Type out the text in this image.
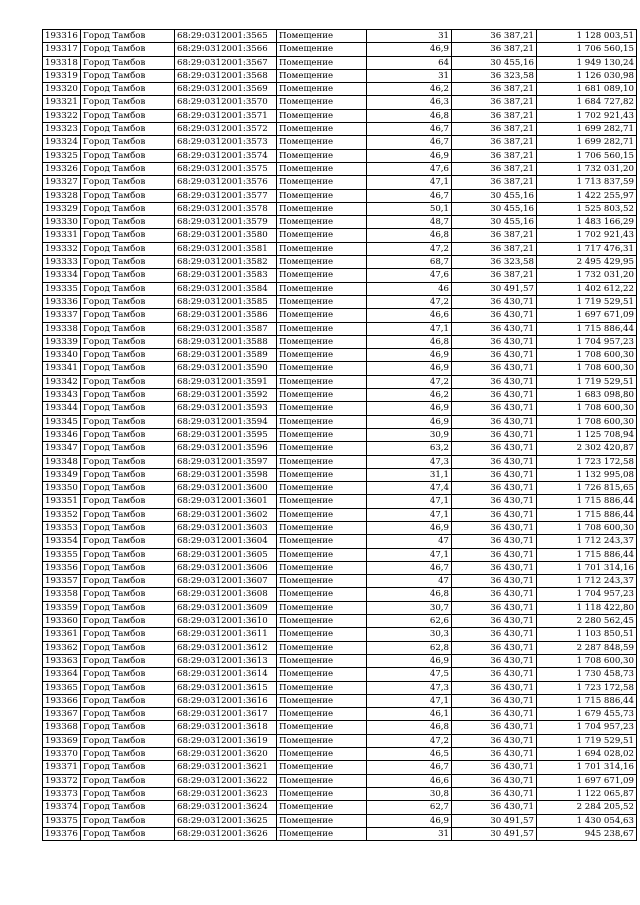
193316	Город Тамбов	68:29:0312001:3565	Помещение	31	36 387,21	1 128 003,51
193317	Город Тамбов	68:29:0312001:3566	Помещение	46,9	36 387,21	1 706 560,15
193318	Город Тамбов	68:29:0312001:3567	Помещение	64	30 455,16	1 949 130,24
193319	Город Тамбов	68:29:0312001:3568	Помещение	31	36 323,58	1 126 030,98
193320	Город Тамбов	68:29:0312001:3569	Помещение	46,2	36 387,21	1 681 089,10
193321	Город Тамбов	68:29:0312001:3570	Помещение	46,3	36 387,21	1 684 727,82
193322	Город Тамбов	68:29:0312001:3571	Помещение	46,8	36 387,21	1 702 921,43
193323	Город Тамбов	68:29:0312001:3572	Помещение	46,7	36 387,21	1 699 282,71
193324	Город Тамбов	68:29:0312001:3573	Помещение	46,7	36 387,21	1 699 282,71
193325	Город Тамбов	68:29:0312001:3574	Помещение	46,9	36 387,21	1 706 560,15
193326	Город Тамбов	68:29:0312001:3575	Помещение	47,6	36 387,21	1 732 031,20
193327	Город Тамбов	68:29:0312001:3576	Помещение	47,1	36 387,21	1 713 837,59
193328	Город Тамбов	68:29:0312001:3577	Помещение	46,7	30 455,16	1 422 255,97
193329	Город Тамбов	68:29:0312001:3578	Помещение	50,1	30 455,16	1 525 803,52
193330	Город Тамбов	68:29:0312001:3579	Помещение	48,7	30 455,16	1 483 166,29
193331	Город Тамбов	68:29:0312001:3580	Помещение	46,8	36 387,21	1 702 921,43
193332	Город Тамбов	68:29:0312001:3581	Помещение	47,2	36 387,21	1 717 476,31
193333	Город Тамбов	68:29:0312001:3582	Помещение	68,7	36 323,58	2 495 429,95
193334	Город Тамбов	68:29:0312001:3583	Помещение	47,6	36 387,21	1 732 031,20
193335	Город Тамбов	68:29:0312001:3584	Помещение	46	30 491,57	1 402 612,22
193336	Город Тамбов	68:29:0312001:3585	Помещение	47,2	36 430,71	1 719 529,51
193337	Город Тамбов	68:29:0312001:3586	Помещение	46,6	36 430,71	1 697 671,09
193338	Город Тамбов	68:29:0312001:3587	Помещение	47,1	36 430,71	1 715 886,44
193339	Город Тамбов	68:29:0312001:3588	Помещение	46,8	36 430,71	1 704 957,23
193340	Город Тамбов	68:29:0312001:3589	Помещение	46,9	36 430,71	1 708 600,30
193341	Город Тамбов	68:29:0312001:3590	Помещение	46,9	36 430,71	1 708 600,30
193342	Город Тамбов	68:29:0312001:3591	Помещение	47,2	36 430,71	1 719 529,51
193343	Город Тамбов	68:29:0312001:3592	Помещение	46,2	36 430,71	1 683 098,80
193344	Город Тамбов	68:29:0312001:3593	Помещение	46,9	36 430,71	1 708 600,30
193345	Город Тамбов	68:29:0312001:3594	Помещение	46,9	36 430,71	1 708 600,30
193346	Город Тамбов	68:29:0312001:3595	Помещение	30,9	36 430,71	1 125 708,94
193347	Город Тамбов	68:29:0312001:3596	Помещение	63,2	36 430,71	2 302 420,87
193348	Город Тамбов	68:29:0312001:3597	Помещение	47,3	36 430,71	1 723 172,58
193349	Город Тамбов	68:29:0312001:3598	Помещение	31,1	36 430,71	1 132 995,08
193350	Город Тамбов	68:29:0312001:3600	Помещение	47,4	36 430,71	1 726 815,65
193351	Город Тамбов	68:29:0312001:3601	Помещение	47,1	36 430,71	1 715 886,44
193352	Город Тамбов	68:29:0312001:3602	Помещение	47,1	36 430,71	1 715 886,44
193353	Город Тамбов	68:29:0312001:3603	Помещение	46,9	36 430,71	1 708 600,30
193354	Город Тамбов	68:29:0312001:3604	Помещение	47	36 430,71	1 712 243,37
193355	Город Тамбов	68:29:0312001:3605	Помещение	47,1	36 430,71	1 715 886,44
193356	Город Тамбов	68:29:0312001:3606	Помещение	46,7	36 430,71	1 701 314,16
193357	Город Тамбов	68:29:0312001:3607	Помещение	47	36 430,71	1 712 243,37
193358	Город Тамбов	68:29:0312001:3608	Помещение	46,8	36 430,71	1 704 957,23
193359	Город Тамбов	68:29:0312001:3609	Помещение	30,7	36 430,71	1 118 422,80
193360	Город Тамбов	68:29:0312001:3610	Помещение	62,6	36 430,71	2 280 562,45
193361	Город Тамбов	68:29:0312001:3611	Помещение	30,3	36 430,71	1 103 850,51
193362	Город Тамбов	68:29:0312001:3612	Помещение	62,8	36 430,71	2 287 848,59
193363	Город Тамбов	68:29:0312001:3613	Помещение	46,9	36 430,71	1 708 600,30
193364	Город Тамбов	68:29:0312001:3614	Помещение	47,5	36 430,71	1 730 458,73
193365	Город Тамбов	68:29:0312001:3615	Помещение	47,3	36 430,71	1 723 172,58
193366	Город Тамбов	68:29:0312001:3616	Помещение	47,1	36 430,71	1 715 886,44
193367	Город Тамбов	68:29:0312001:3617	Помещение	46,1	36 430,71	1 679 455,73
193368	Город Тамбов	68:29:0312001:3618	Помещение	46,8	36 430,71	1 704 957,23
193369	Город Тамбов	68:29:0312001:3619	Помещение	47,2	36 430,71	1 719 529,51
193370	Город Тамбов	68:29:0312001:3620	Помещение	46,5	36 430,71	1 694 028,02
193371	Город Тамбов	68:29:0312001:3621	Помещение	46,7	36 430,71	1 701 314,16
193372	Город Тамбов	68:29:0312001:3622	Помещение	46,6	36 430,71	1 697 671,09
193373	Город Тамбов	68:29:0312001:3623	Помещение	30,8	36 430,71	1 122 065,87
193374	Город Тамбов	68:29:0312001:3624	Помещение	62,7	36 430,71	2 284 205,52
193375	Город Тамбов	68:29:0312001:3625	Помещение	46,9	30 491,57	1 430 054,63
193376	Город Тамбов	68:29:0312001:3626	Помещение	31	30 491,57	945 238,67
